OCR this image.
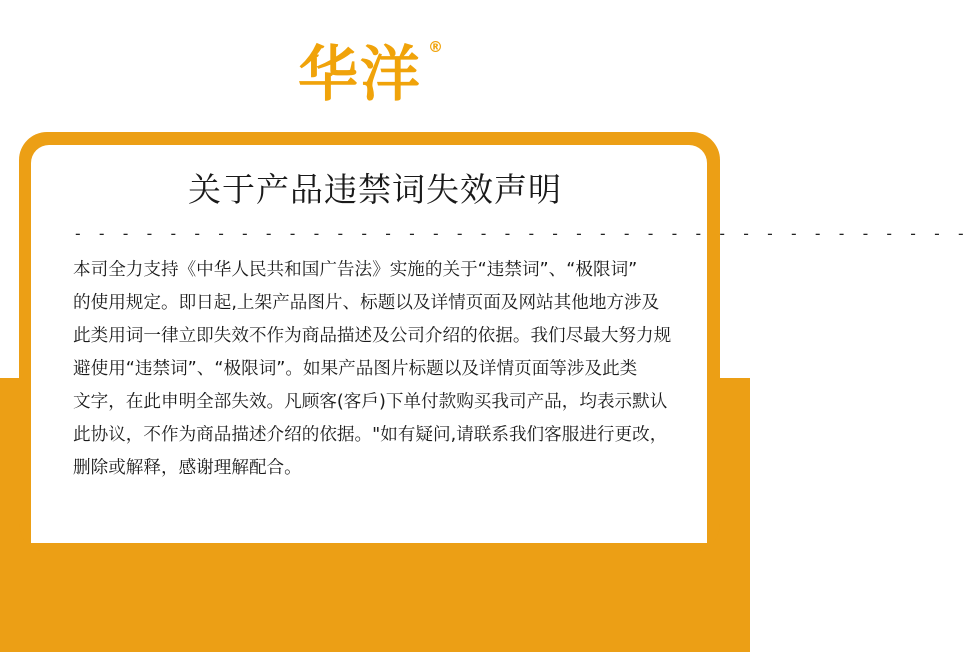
华洋 ®
关于产品违禁词失效声明
- - - - - - - - - - - - - - - - - - - - - - - - - - - - - - - - - - - - - -
本司全力支持《中华人民共和国广告法》实施的关于“违禁词”、“极限词”
的使用规定。即日起,上架产品图片、标题以及详情页面及网站其他地方涉及
此类用词一律立即失效不作为商品描述及公司介绍的依据。我们尽最大努力规
避使用“违禁词”、“极限词”。如果产品图片标题以及详情页面等涉及此类
文字，在此申明全部失效。凡顾客(客戶)下单付款购买我司产品，均表示默认
此协议，不作为商品描述介绍的依据。"如有疑问,请联系我们客服进行更改，
删除或解释，感谢理解配合。
